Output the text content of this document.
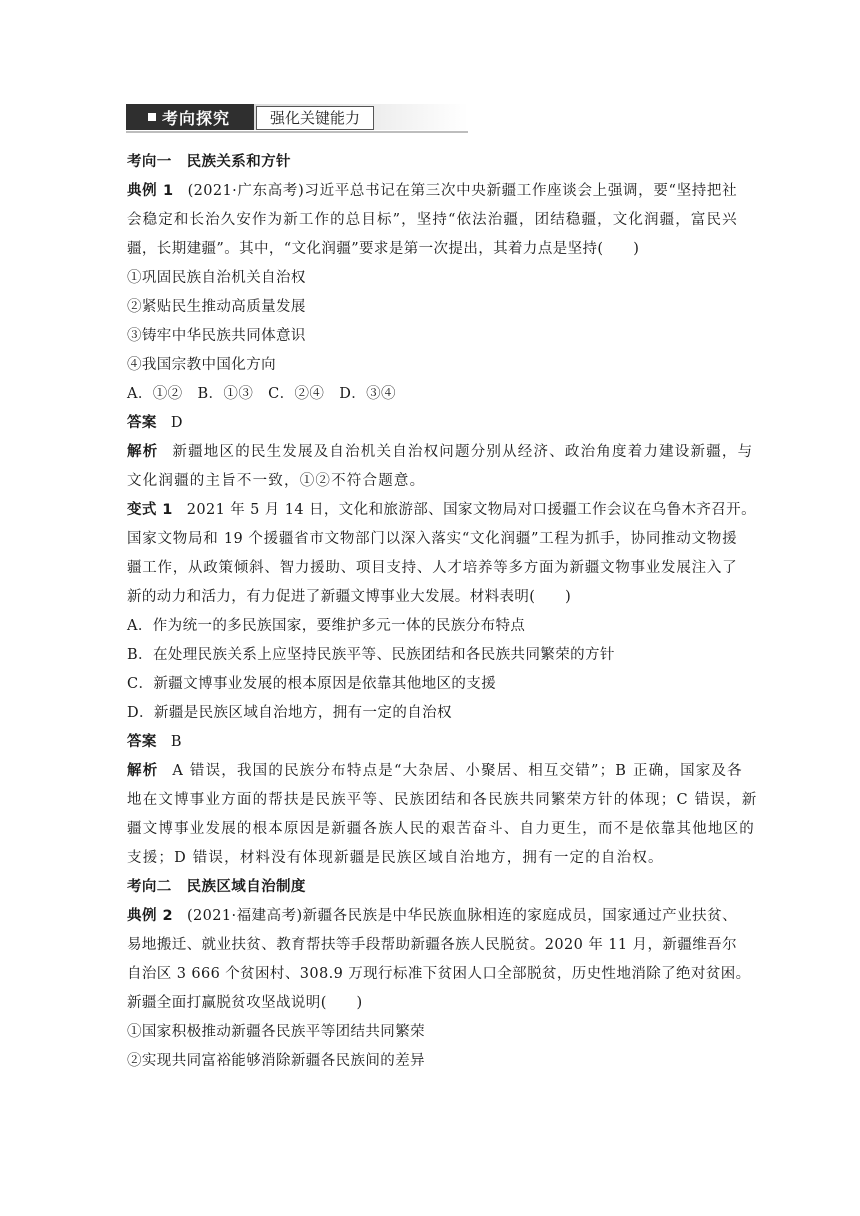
考向探究	强化关键能力
考向一　民族关系和方针
典例 1 (2021·广东高考)习近平总书记在第三次中央新疆工作座谈会上强调，要“坚持把社
会稳定和长治久安作为新工作的总目标”，坚持“依法治疆，团结稳疆，文化润疆，富民兴
疆，长期建疆”。其中，“文化润疆”要求是第一次提出，其着力点是坚持(　　)
①巩固民族自治机关自治权
②紧贴民生推动高质量发展
③铸牢中华民族共同体意识
④我国宗教中国化方向
A．①②　B．①③　C．②④　D．③④
答案 D
解析 新疆地区的民生发展及自治机关自治权问题分别从经济、政治角度着力建设新疆，与
文化润疆的主旨不一致，①②不符合题意。
变式 1 2021 年 5 月 14 日，文化和旅游部、国家文物局对口援疆工作会议在乌鲁木齐召开。
国家文物局和 19 个援疆省市文物部门以深入落实“文化润疆”工程为抓手，协同推动文物援
疆工作，从政策倾斜、智力援助、项目支持、人才培养等多方面为新疆文物事业发展注入了
新的动力和活力，有力促进了新疆文博事业大发展。材料表明(　　)
A．作为统一的多民族国家，要维护多元一体的民族分布特点
B．在处理民族关系上应坚持民族平等、民族团结和各民族共同繁荣的方针
C．新疆文博事业发展的根本原因是依靠其他地区的支援
D．新疆是民族区域自治地方，拥有一定的自治权
答案 B
解析 A 错误，我国的民族分布特点是“大杂居、小聚居、相互交错”；B 正确，国家及各
地在文博事业方面的帮扶是民族平等、民族团结和各民族共同繁荣方针的体现；C 错误，新
疆文博事业发展的根本原因是新疆各族人民的艰苦奋斗、自力更生，而不是依靠其他地区的
支援；D 错误，材料没有体现新疆是民族区域自治地方，拥有一定的自治权。
考向二　民族区域自治制度
典例 2 (2021·福建高考)新疆各民族是中华民族血脉相连的家庭成员，国家通过产业扶贫、
易地搬迁、就业扶贫、教育帮扶等手段帮助新疆各族人民脱贫。2020 年 11 月，新疆维吾尔
自治区 3 666 个贫困村、308.9 万现行标准下贫困人口全部脱贫，历史性地消除了绝对贫困。
新疆全面打赢脱贫攻坚战说明(　　)
①国家积极推动新疆各民族平等团结共同繁荣
②实现共同富裕能够消除新疆各民族间的差异
